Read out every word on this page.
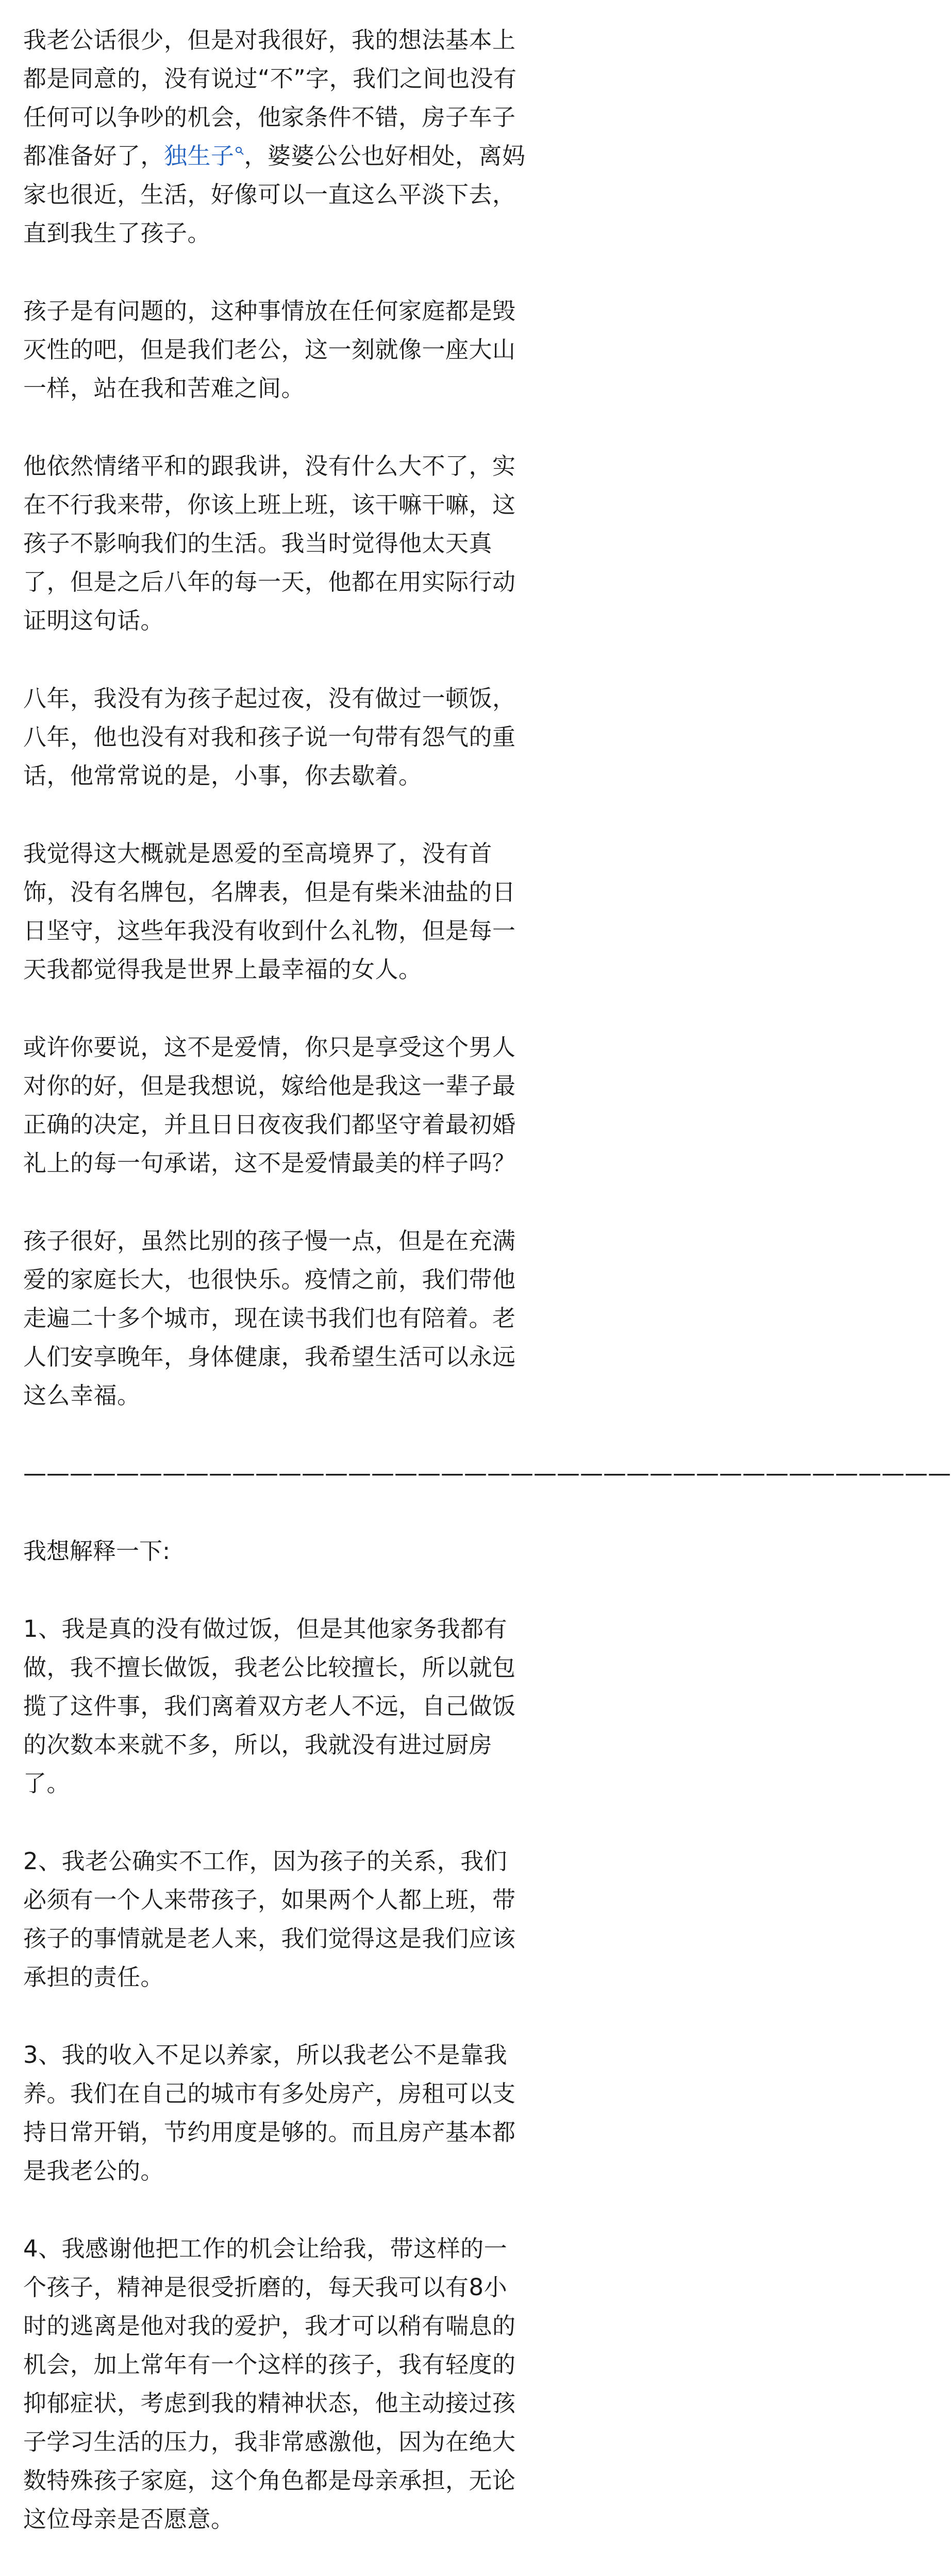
我老公话很少，但是对我很好，我的想法基本上都是同意的，没有说过“不”字，我们之间也没有任何可以争吵的机会，他家条件不错，房子车子都准备好了，独生子 ，婆婆公公也好相处，离妈家也很近，生活，好像可以一直这么平淡下去，直到我生了孩子。

孩子是有问题的，这种事情放在任何家庭都是毁灭性的吧，但是我们老公，这一刻就像一座大山一样，站在我和苦难之间。

他依然情绪平和的跟我讲，没有什么大不了，实在不行我来带，你该上班上班，该干嘛干嘛，这孩子不影响我们的生活。我当时觉得他太天真了，但是之后八年的每一天，他都在用实际行动证明这句话。

八年，我没有为孩子起过夜，没有做过一顿饭，八年，他也没有对我和孩子说一句带有怨气的重话，他常常说的是，小事，你去歇着。

我觉得这大概就是恩爱的至高境界了，没有首饰，没有名牌包，名牌表，但是有柴米油盐的日日坚守，这些年我没有收到什么礼物，但是每一天我都觉得我是世界上最幸福的女人。

或许你要说，这不是爱情，你只是享受这个男人对你的好，但是我想说，嫁给他是我这一辈子最正确的决定，并且日日夜夜我们都坚守着最初婚礼上的每一句承诺，这不是爱情最美的样子吗？

孩子很好，虽然比别的孩子慢一点，但是在充满爱的家庭长大，也很快乐。疫情之前，我们带他走遍二十多个城市，现在读书我们也有陪着。老人们安享晚年，身体健康，我希望生活可以永远这么幸福。

————————————————————————————————————————

我想解释一下:

1、我是真的没有做过饭，但是其他家务我都有做，我不擅长做饭，我老公比较擅长，所以就包揽了这件事，我们离着双方老人不远，自己做饭的次数本来就不多，所以，我就没有进过厨房了。

2、我老公确实不工作，因为孩子的关系，我们必须有一个人来带孩子，如果两个人都上班，带孩子的事情就是老人来，我们觉得这是我们应该承担的责任。

3、我的收入不足以养家，所以我老公不是靠我养。我们在自己的城市有多处房产，房租可以支持日常开销，节约用度是够的。而且房产基本都是我老公的。

4、我感谢他把工作的机会让给我，带这样的一个孩子，精神是很受折磨的，每天我可以有8小时的逃离是他对我的爱护，我才可以稍有喘息的机会，加上常年有一个这样的孩子，我有轻度的抑郁症状，考虑到我的精神状态，他主动接过孩子学习生活的压力，我非常感激他，因为在绝大数特殊孩子家庭，这个角色都是母亲承担，无论这位母亲是否愿意。
